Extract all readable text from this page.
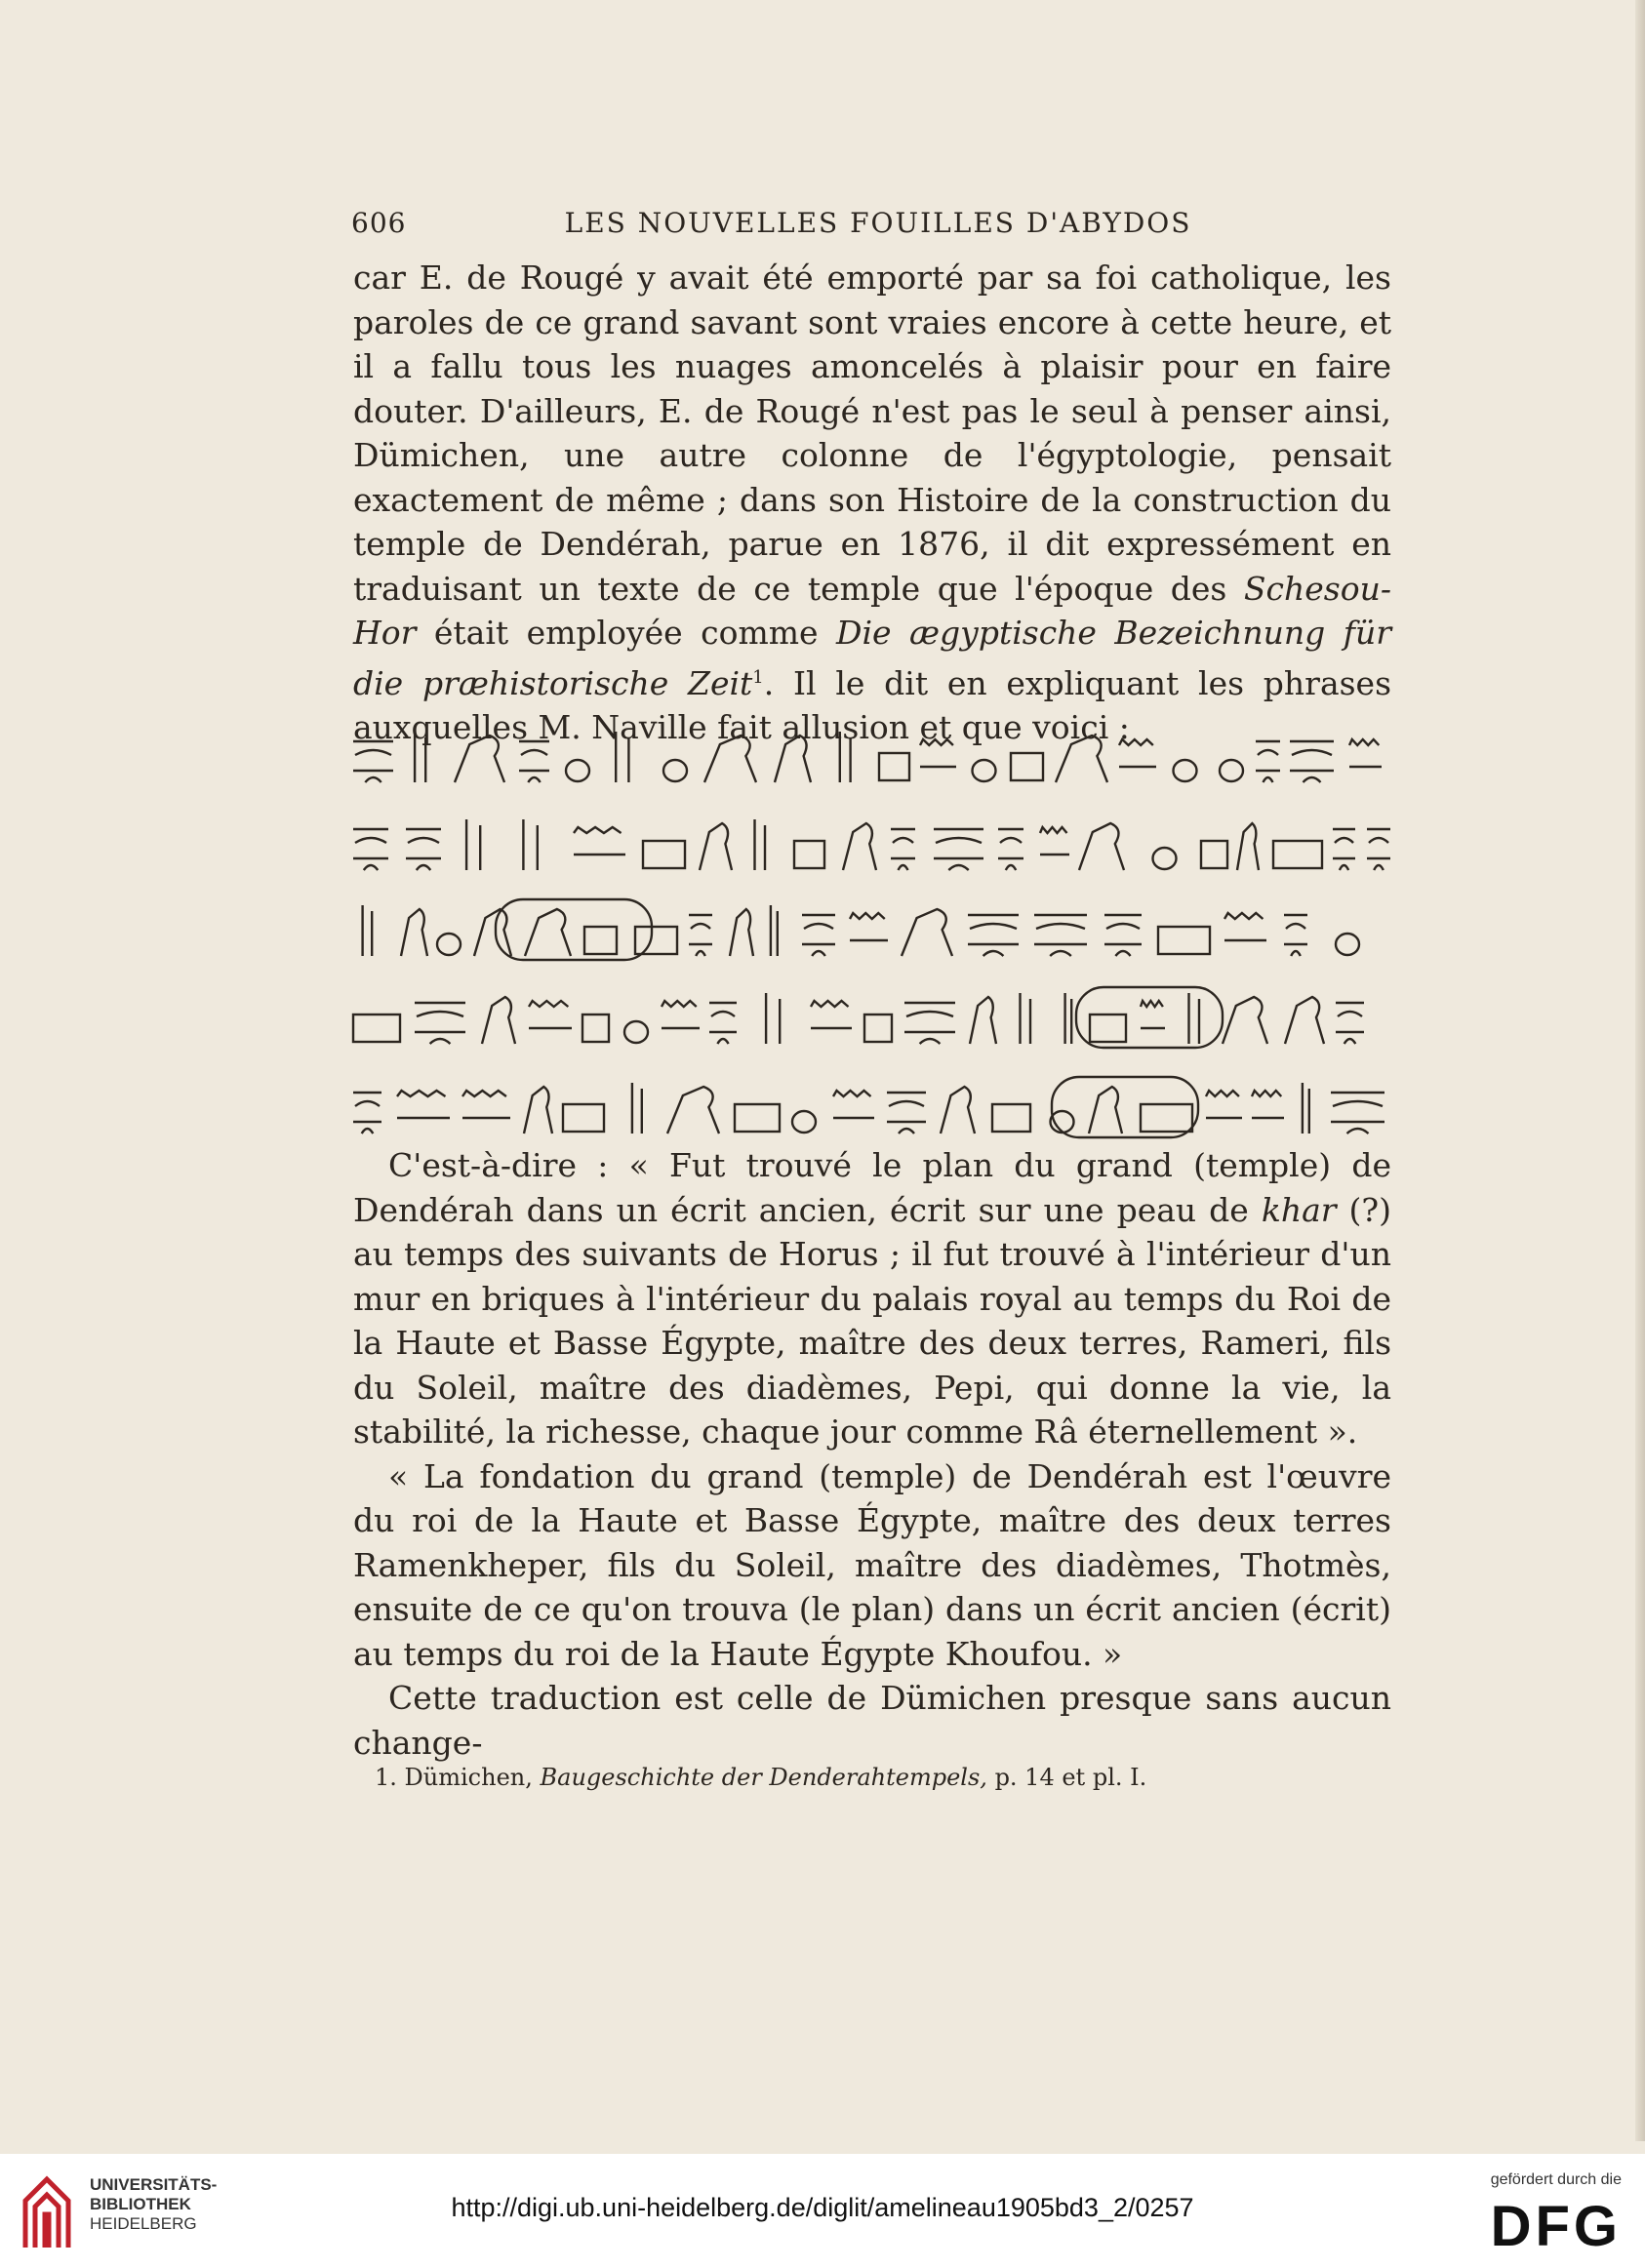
606	LES NOUVELLES FOUILLES D'ABYDOS

car E. de Rougé y avait été emporté par sa foi catholique, les paroles de ce grand savant sont vraies encore à cette heure, et il a fallu tous les nuages amoncelés à plaisir pour en faire douter. D'ailleurs, E. de Rougé n'est pas le seul à penser ainsi, Dümichen, une autre colonne de l'égyptologie, pensait exactement de même ; dans son Histoire de la construction du temple de Dendérah, parue en 1876, il dit expressément en traduisant un texte de ce temple que l'époque des Schesou-Hor était employée comme Die ægyptische Bezeichnung für die præhistorische Zeit$^1$. Il le dit en expliquant les phrases auxquelles M. Naville fait allusion et que voici :

C'est-à-dire : « Fut trouvé le plan du grand (temple) de Dendérah dans un écrit ancien, écrit sur une peau de khar (?) au temps des suivants de Horus ; il fut trouvé à l'intérieur d'un mur en briques à l'intérieur du palais royal au temps du Roi de la Haute et Basse Égypte, maître des deux terres, Rameri, fils du Soleil, maître des diadèmes, Pepi, qui donne la vie, la stabilité, la richesse, chaque jour comme Râ éternellement ».

« La fondation du grand (temple) de Dendérah est l'œuvre du roi de la Haute et Basse Égypte, maître des deux terres Ramenkheper, fils du Soleil, maître des diadèmes, Thotmès, ensuite de ce qu'on trouva (le plan) dans un écrit ancien (écrit) au temps du roi de la Haute Égypte Khoufou. »

Cette traduction est celle de Dümichen presque sans aucun change-

1. Dümichen, Baugeschichte der Denderahtempels, p. 14 et pl. I.
UNIVERSITÄTS-
BIBLIOTHEK
HEIDELBERG
http://digi.ub.uni-heidelberg.de/diglit/amelineau1905bd3_2/0257
gefördert durch die
DFG
